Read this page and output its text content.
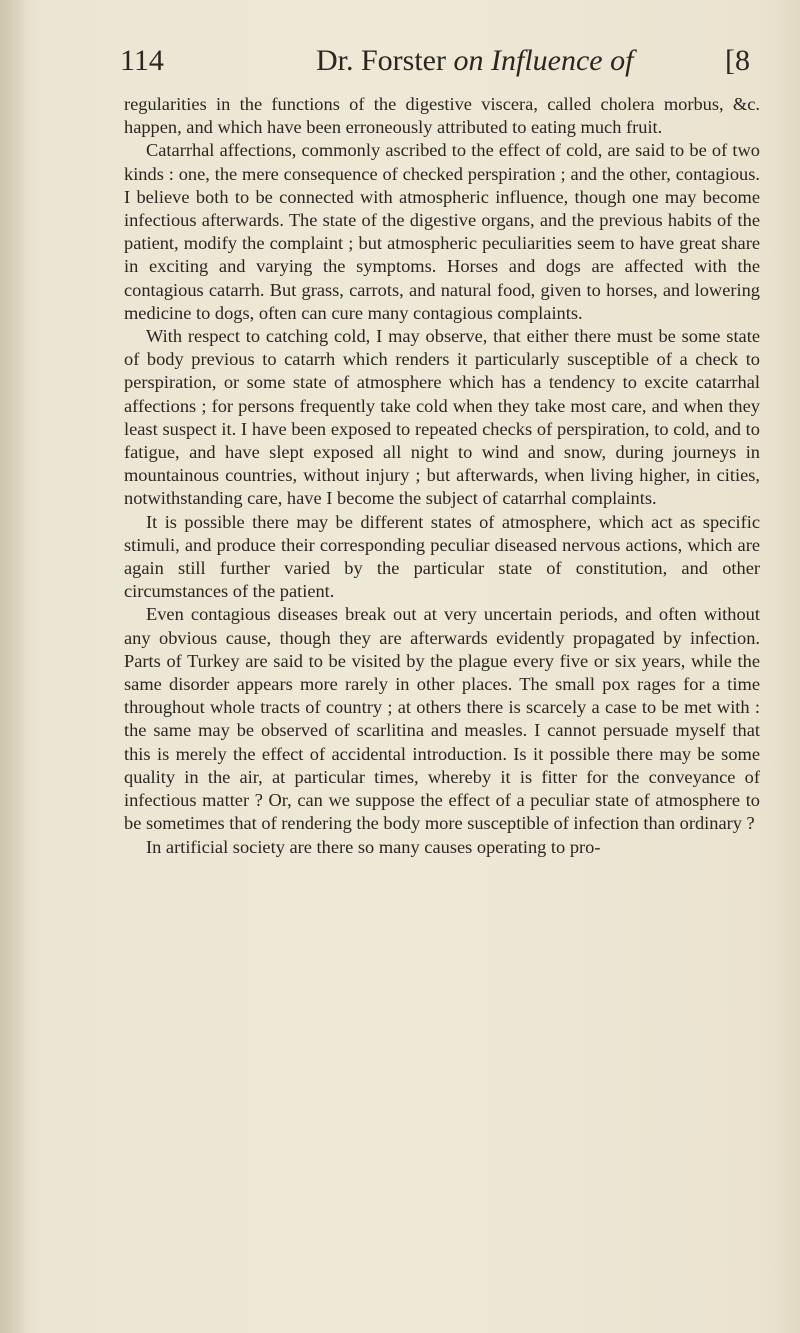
114	Dr. Forster on Influence of	[8

regularities in the functions of the digestive viscera, called cholera morbus, &c. happen, and which have been erroneously attributed to eating much fruit.

Catarrhal affections, commonly ascribed to the effect of cold, are said to be of two kinds : one, the mere consequence of checked perspiration ; and the other, contagious. I believe both to be connected with atmospheric influence, though one may become infectious afterwards. The state of the digestive organs, and the previous habits of the patient, modify the complaint ; but atmospheric peculiarities seem to have great share in exciting and varying the symptoms. Horses and dogs are affected with the contagious catarrh. But grass, carrots, and natural food, given to horses, and lowering medicine to dogs, often can cure many contagious complaints.

With respect to catching cold, I may observe, that either there must be some state of body previous to catarrh which renders it particularly susceptible of a check to perspiration, or some state of atmosphere which has a tendency to excite catarrhal affections ; for persons frequently take cold when they take most care, and when they least suspect it. I have been exposed to repeated checks of perspiration, to cold, and to fatigue, and have slept exposed all night to wind and snow, during journeys in mountainous countries, without injury ; but afterwards, when living higher, in cities, notwithstanding care, have I become the subject of catarrhal complaints.

It is possible there may be different states of atmosphere, which act as specific stimuli, and produce their corresponding peculiar diseased nervous actions, which are again still further varied by the particular state of constitution, and other circumstances of the patient.

Even contagious diseases break out at very uncertain periods, and often without any obvious cause, though they are afterwards evidently propagated by infection. Parts of Turkey are said to be visited by the plague every five or six years, while the same disorder appears more rarely in other places. The small pox rages for a time throughout whole tracts of country ; at others there is scarcely a case to be met with : the same may be observed of scarlitina and measles. I cannot persuade myself that this is merely the effect of accidental introduction. Is it possible there may be some quality in the air, at particular times, whereby it is fitter for the conveyance of infectious matter ? Or, can we suppose the effect of a peculiar state of atmosphere to be sometimes that of rendering the body more susceptible of infection than ordinary ?

In artificial society are there so many causes operating to pro-
